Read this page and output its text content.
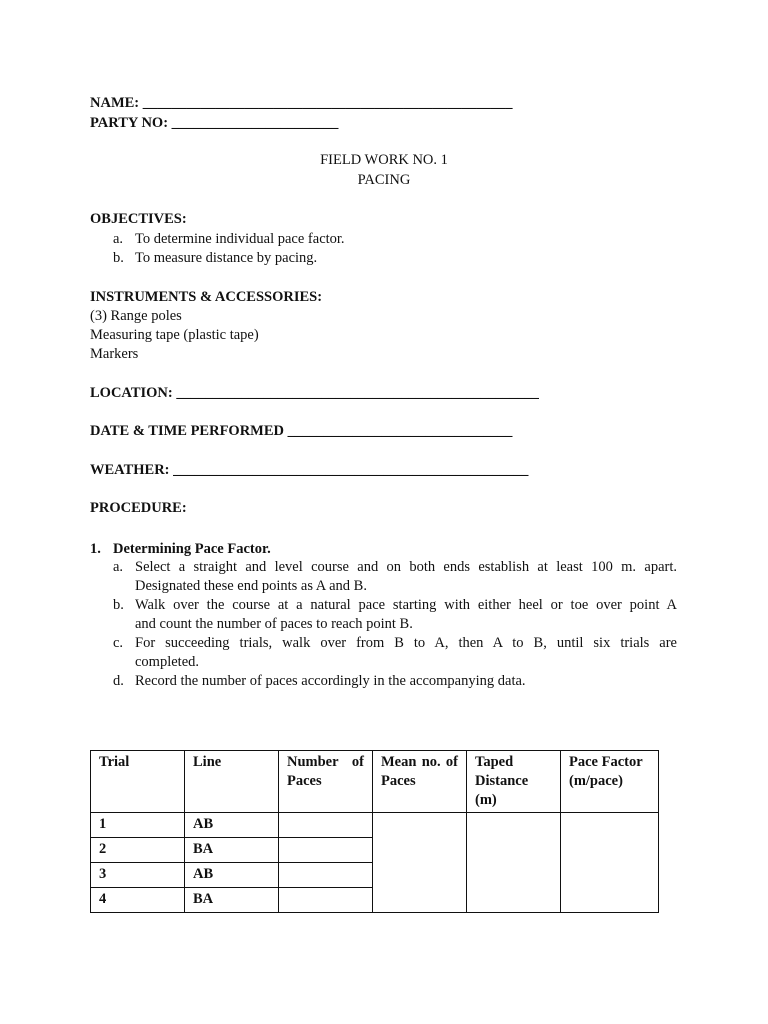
NAME: ___________________________________________________
PARTY NO: _______________________
FIELD WORK NO. 1
PACING
OBJECTIVES:
a. To determine individual pace factor.
b. To measure distance by pacing.
INSTRUMENTS & ACCESSORIES:
(3) Range poles
Measuring tape (plastic tape)
Markers
LOCATION: __________________________________________________
DATE & TIME PERFORMED _______________________________
WEATHER: _________________________________________________
PROCEDURE:
1. Determining Pace Factor.
a. Select a straight and level course and on both ends establish at least 100 m. apart.
Designated these end points as A and B.
b. Walk over the course at a natural pace starting with either heel or toe over point A
and count the number of paces to reach point B.
c. For succeeding trials, walk over from B to A, then A to B, until six trials are
completed.
d. Record the number of paces accordingly in the accompanying data.
Trial	Line	Number of Paces	Mean no. of Paces	Taped Distance (m)	Pace Factor (m/pace)
1	AB				
2	BA				
3	AB				
4	BA				
